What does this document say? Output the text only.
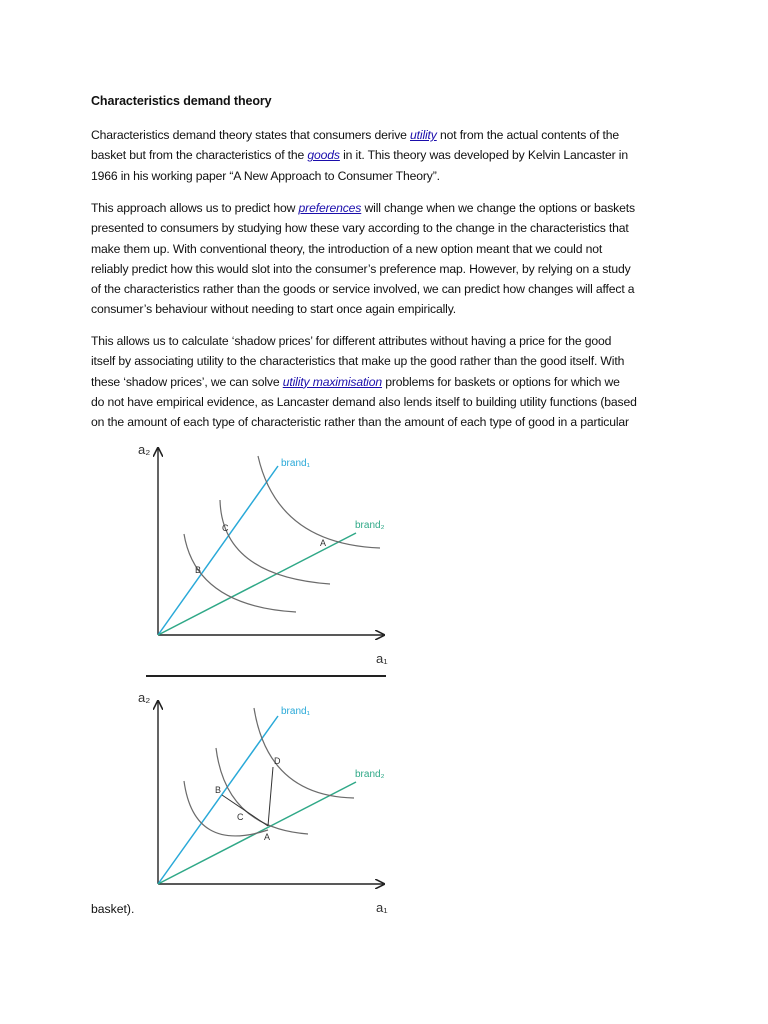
Characteristics demand theory
Characteristics demand theory states that consumers derive utility not from the actual contents of the
basket but from the characteristics of the goods in it. This theory was developed by Kelvin Lancaster in
1966 in his working paper “A New Approach to Consumer Theory”.
This approach allows us to predict how preferences will change when we change the options or baskets
presented to consumers by studying how these vary according to the change in the characteristics that
make them up. With conventional theory, the introduction of a new option meant that we could not
reliably predict how this would slot into the consumer’s preference map. However, by relying on a study
of the characteristics rather than the goods or service involved, we can predict how changes will affect a
consumer’s behaviour without needing to start once again empirically.
This allows us to calculate ‘shadow prices’ for different attributes without having a price for the good
itself by associating utility to the characteristics that make up the good rather than the good itself. With
these ‘shadow prices’, we can solve utility maximisation problems for baskets or options for which we
do not have empirical evidence, as Lancaster demand also lends itself to building utility functions (based
on the amount of each type of characteristic rather than the amount of each type of good in a particular
a₂
a₁
brand₁
brand₂
A
B
C
a₂
a₁
brand₁
brand₂
A
B
C
D
basket).
